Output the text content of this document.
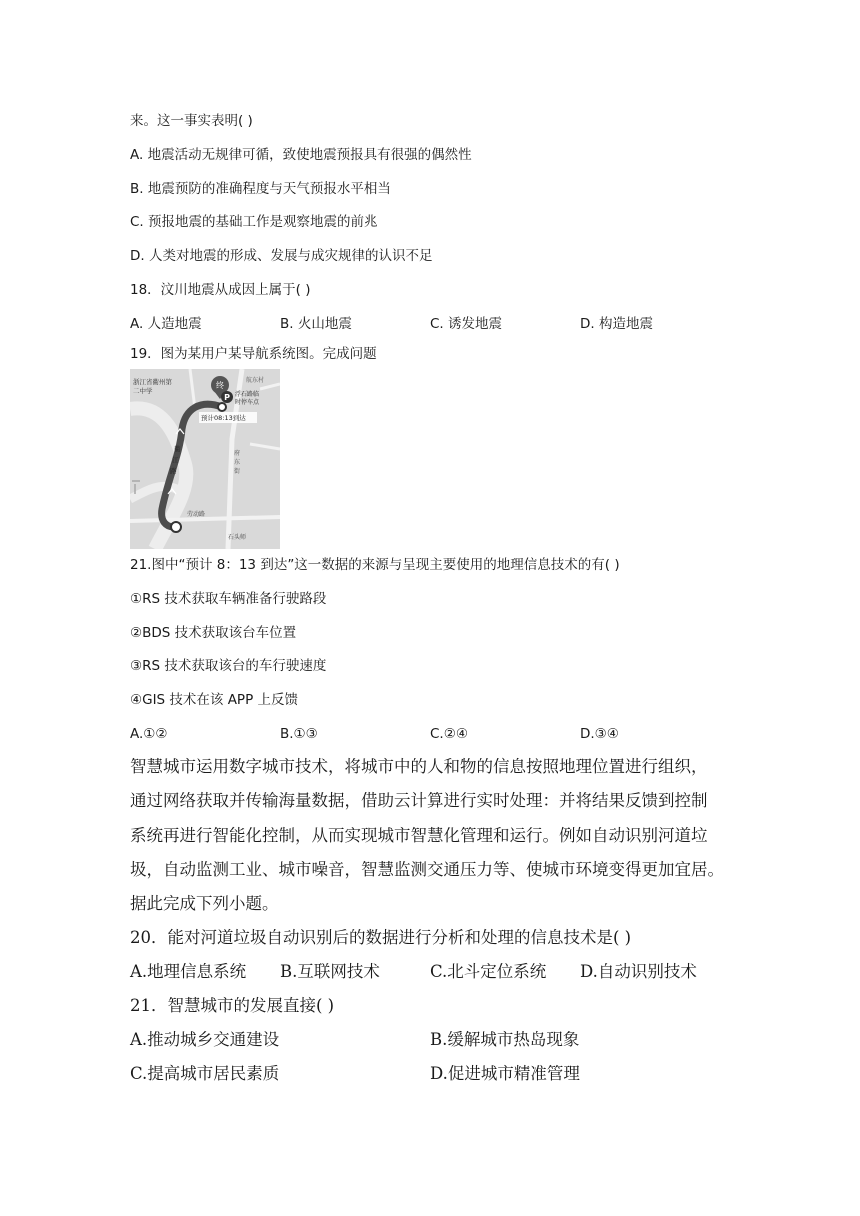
来。这一事实表明( )
A. 地震活动无规律可循，致使地震预报具有很强的偶然性
B. 地震预防的准确程度与天气预报水平相当
C. 预报地震的基础工作是观察地震的前兆
D. 人类对地震的形成、发展与成灾规律的认识不足
18．汶川地震从成因上属于( )
A. 人造地震	B. 火山地震	C. 诱发地震	D. 构造地震
19．图为某用户某导航系统图。完成问题
终
P
浙江省衢州第
二中学
航东村
浮石路临
时停车点
预计08:13到达
府
东
街
衢
江
路
劳动路
石头师
21.图中“预计 8：13 到达”这一数据的来源与呈现主要使用的地理信息技术的有( )
①RS 技术获取车辆准备行驶路段
②BDS 技术获取该台车位置
③RS 技术获取该台的车行驶速度
④GIS 技术在该 APP 上反馈
A.①②	B.①③	C.②④	D.③④
智慧城市运用数字城市技术，将城市中的人和物的信息按照地理位置进行组织，
通过网络获取并传输海量数据，借助云计算进行实时处理：并将结果反馈到控制
系统再进行智能化控制，从而实现城市智慧化管理和运行。例如自动识别河道垃
圾，自动监测工业、城市噪音，智慧监测交通压力等、使城市环境变得更加宜居。
据此完成下列小题。
20．能对河道垃圾自动识别后的数据进行分析和处理的信息技术是( )
A.地理信息系统 B.互联网技术	C.北斗定位系统 D.自动识别技术
21．智慧城市的发展直接( )
A.推动城乡交通建设	B.缓解城市热岛现象
C.提高城市居民素质	D.促进城市精准管理
